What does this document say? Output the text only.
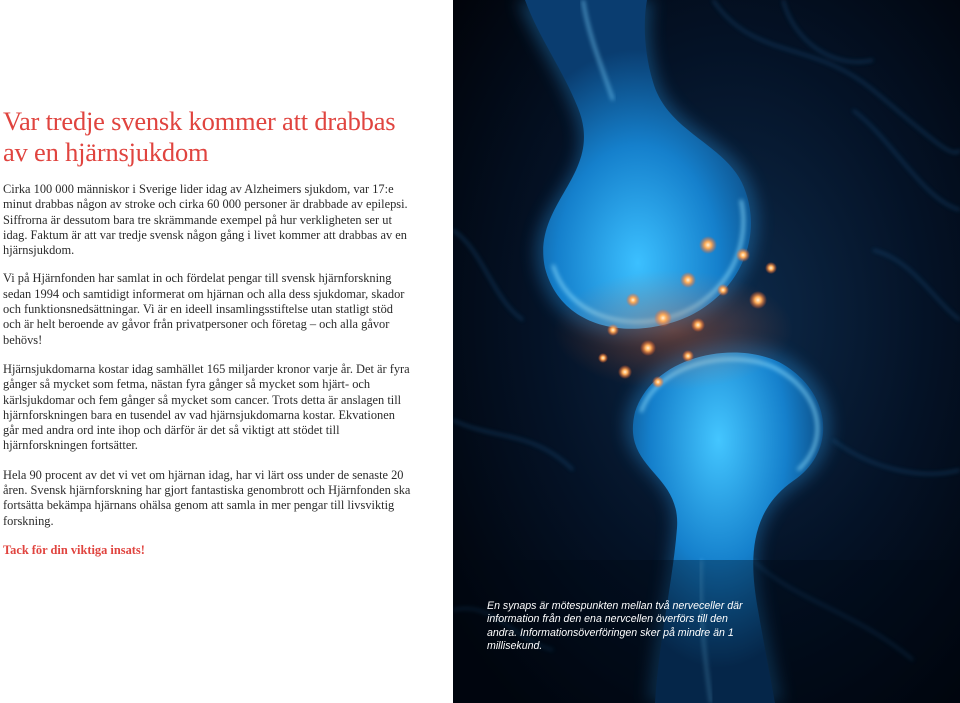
Var tredje svensk kommer att drabbas av en hjärnsjukdom

Cirka 100 000 människor i Sverige lider idag av Alzheimers sjukdom, var 17:e minut drabbas någon av stroke och cirka 60 000 personer är drabbade av epilepsi. Siffrorna är dessutom bara tre skrämmande exempel på hur verkligheten ser ut idag. Faktum är att var tredje svensk någon gång i livet kommer att drabbas av en hjärnsjukdom.

Vi på Hjärnfonden har samlat in och fördelat pengar till svensk hjärnforskning sedan 1994 och samtidigt informerat om hjärnan och alla dess sjukdomar, skador och funktionsnedsättningar. Vi är en ideell insamlingsstiftelse utan statligt stöd och är helt beroende av gåvor från privatpersoner och företag – och alla gåvor behövs!

Hjärnsjukdomarna kostar idag samhället 165 miljarder kronor varje år. Det är fyra gånger så mycket som fetma, nästan fyra gånger så mycket som hjärt- och kärlsjukdomar och fem gånger så mycket som cancer. Trots detta är anslagen till hjärnforskningen bara en tusendel av vad hjärnsjukdomarna kostar. Ekvationen går med andra ord inte ihop och därför är det så viktigt att stödet till hjärnforskningen fortsätter.

Hela 90 procent av det vi vet om hjärnan idag, har vi lärt oss under de senaste 20 åren. Svensk hjärnforskning har gjort fantastiska genombrott och Hjärnfonden ska fortsätta bekämpa hjärnans ohälsa genom att samla in mer pengar till livsviktig forskning.

Tack för din viktiga insats!

En synaps är mötespunkten mellan två nerveceller där information från den ena nervcellen överförs till den andra. Informationsöverföringen sker på mindre än 1 millisekund.
